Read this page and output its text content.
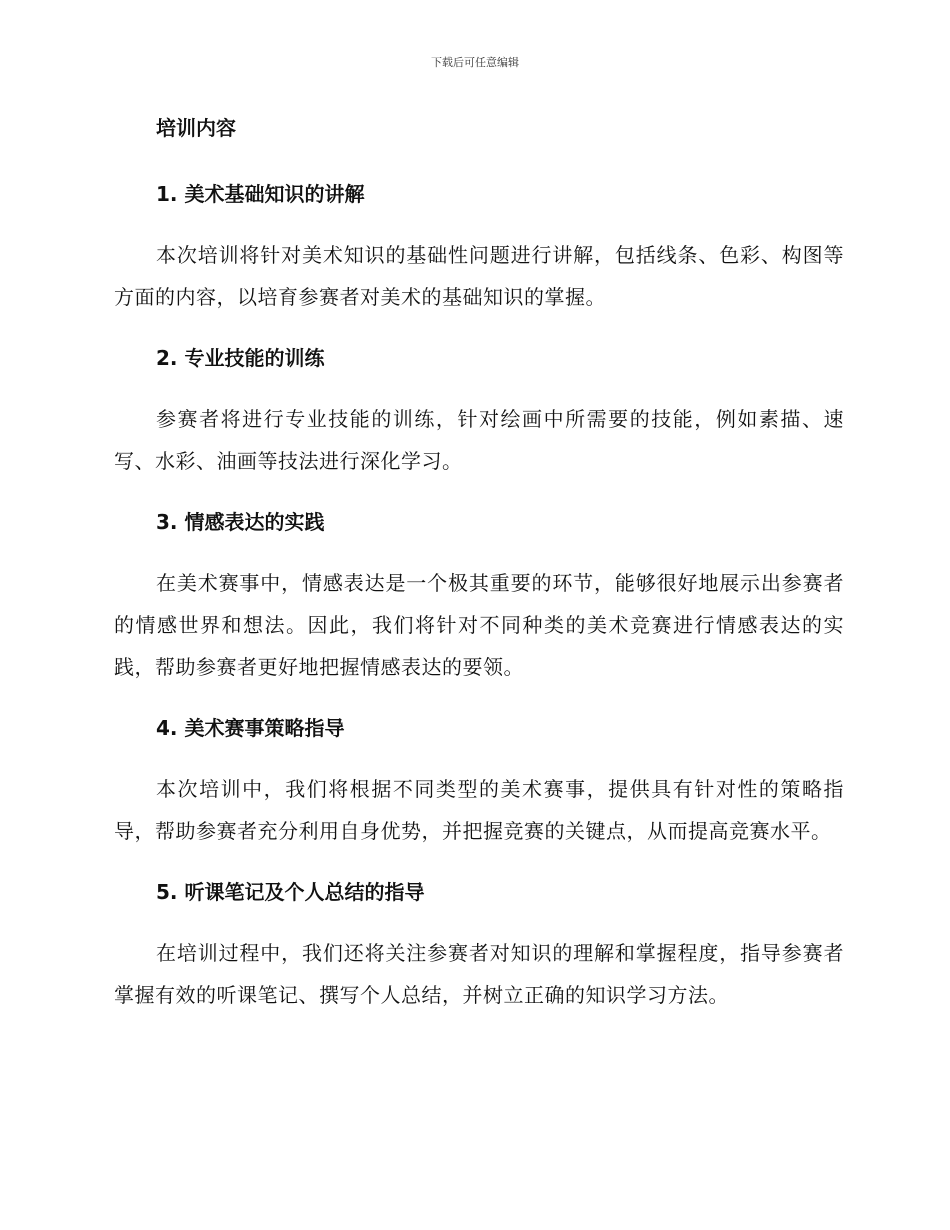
下载后可任意编辑
培训内容
1. 美术基础知识的讲解

本次培训将针对美术知识的基础性问题进行讲解，包括线条、色彩、构图等方面的内容，以培育参赛者对美术的基础知识的掌握。

2. 专业技能的训练

参赛者将进行专业技能的训练，针对绘画中所需要的技能，例如素描、速写、水彩、油画等技法进行深化学习。

3. 情感表达的实践

在美术赛事中，情感表达是一个极其重要的环节，能够很好地展示出参赛者的情感世界和想法。因此，我们将针对不同种类的美术竞赛进行情感表达的实践，帮助参赛者更好地把握情感表达的要领。

4. 美术赛事策略指导

本次培训中，我们将根据不同类型的美术赛事，提供具有针对性的策略指导，帮助参赛者充分利用自身优势，并把握竞赛的关键点，从而提高竞赛水平。

5. 听课笔记及个人总结的指导

在培训过程中，我们还将关注参赛者对知识的理解和掌握程度，指导参赛者掌握有效的听课笔记、撰写个人总结，并树立正确的知识学习方法。
